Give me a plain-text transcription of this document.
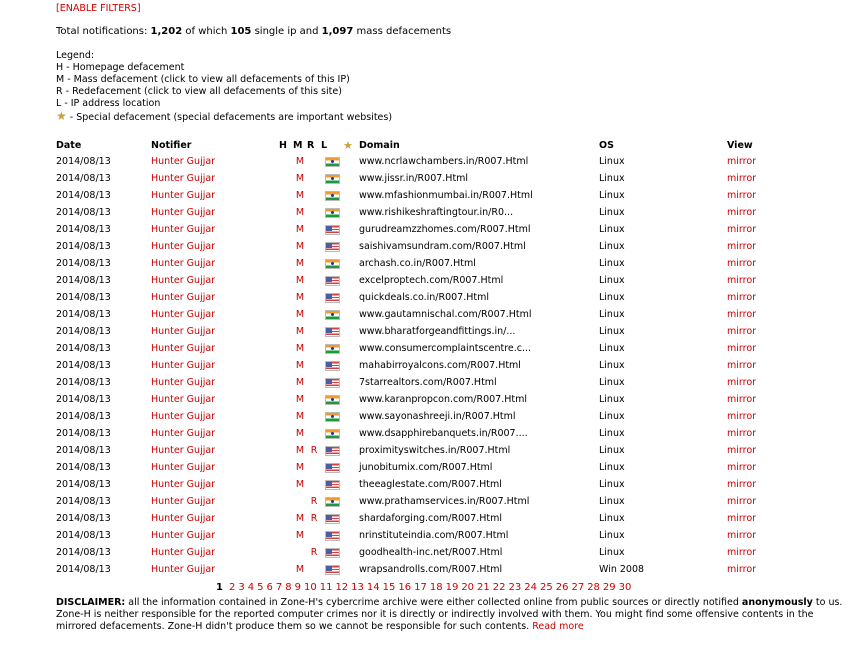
[ENABLE FILTERS]
Total notifications: 1,202 of which 105 single ip and 1,097 mass defacements
Legend:
H - Homepage defacement
M - Mass defacement (click to view all defacements of this IP)
R - Redefacement (click to view all defacements of this site)
L - IP address location
★ - Special defacement (special defacements are important websites)
Date	Notifier	H	M	R	L	★	Domain	OS	View
2014/08/13	Hunter Gujjar		M				www.ncrlawchambers.in/R007.Html	Linux	mirror
2014/08/13	Hunter Gujjar		M				www.jissr.in/R007.Html	Linux	mirror
2014/08/13	Hunter Gujjar		M				www.mfashionmumbai.in/R007.Html	Linux	mirror
2014/08/13	Hunter Gujjar		M				www.rishikeshraftingtour.in/R0...	Linux	mirror
2014/08/13	Hunter Gujjar		M				gurudreamzzhomes.com/R007.Html	Linux	mirror
2014/08/13	Hunter Gujjar		M				saishivamsundram.com/R007.Html	Linux	mirror
2014/08/13	Hunter Gujjar		M				archash.co.in/R007.Html	Linux	mirror
2014/08/13	Hunter Gujjar		M				excelproptech.com/R007.Html	Linux	mirror
2014/08/13	Hunter Gujjar		M				quickdeals.co.in/R007.Html	Linux	mirror
2014/08/13	Hunter Gujjar		M				www.gautamnischal.com/R007.Html	Linux	mirror
2014/08/13	Hunter Gujjar		M				www.bharatforgeandfittings.in/...	Linux	mirror
2014/08/13	Hunter Gujjar		M				www.consumercomplaintscentre.c...	Linux	mirror
2014/08/13	Hunter Gujjar		M				mahabirroyalcons.com/R007.Html	Linux	mirror
2014/08/13	Hunter Gujjar		M				7starrealtors.com/R007.Html	Linux	mirror
2014/08/13	Hunter Gujjar		M				www.karanpropcon.com/R007.Html	Linux	mirror
2014/08/13	Hunter Gujjar		M				www.sayonashreeji.in/R007.Html	Linux	mirror
2014/08/13	Hunter Gujjar		M				www.dsapphirebanquets.in/R007....	Linux	mirror
2014/08/13	Hunter Gujjar		M	R			proximityswitches.in/R007.Html	Linux	mirror
2014/08/13	Hunter Gujjar		M				junobitumix.com/R007.Html	Linux	mirror
2014/08/13	Hunter Gujjar		M				theeaglestate.com/R007.Html	Linux	mirror
2014/08/13	Hunter Gujjar			R			www.prathamservices.in/R007.Html	Linux	mirror
2014/08/13	Hunter Gujjar		M	R			shardaforging.com/R007.Html	Linux	mirror
2014/08/13	Hunter Gujjar		M				nrinstituteindia.com/R007.Html	Linux	mirror
2014/08/13	Hunter Gujjar			R			goodhealth-inc.net/R007.Html	Linux	mirror
2014/08/13	Hunter Gujjar		M				wrapsandrolls.com/R007.Html	Win 2008	mirror
1 2 3 4 5 6 7 8 9 10 11 12 13 14 15 16 17 18 19 20 21 22 23 24 25 26 27 28 29 30
DISCLAIMER: all the information contained in Zone-H's cybercrime archive were either collected online from public sources or directly notified anonymously to us. Zone-H is neither responsible for the reported computer crimes nor it is directly or indirectly involved with them. You might find some offensive contents in the mirrored defacements. Zone-H didn't produce them so we cannot be responsible for such contents. Read more
